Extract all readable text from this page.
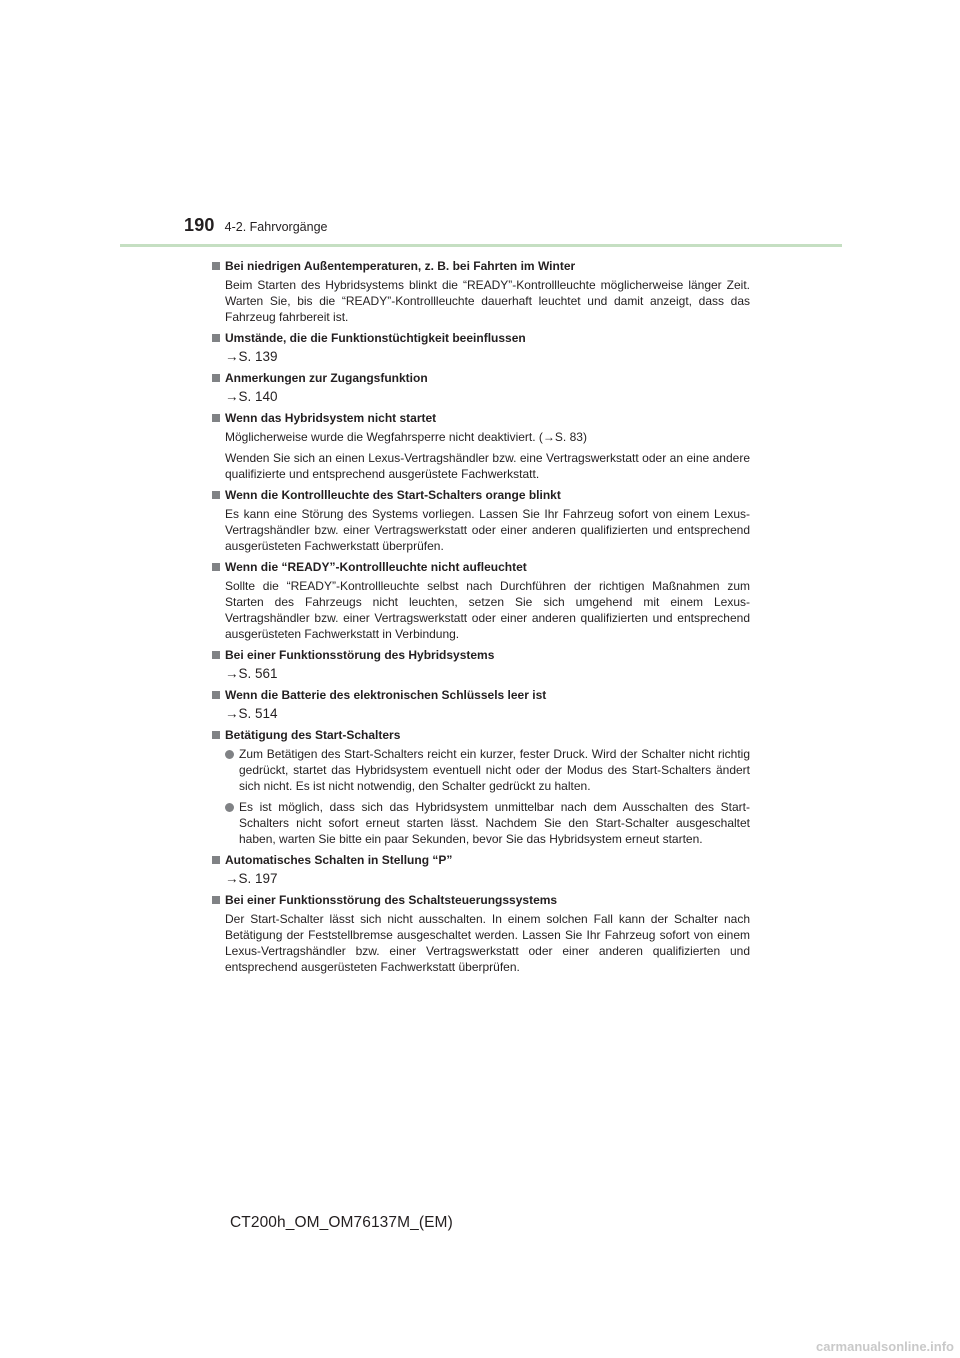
190 4-2. Fahrvorgänge
Bei niedrigen Außentemperaturen, z. B. bei Fahrten im Winter

Beim Starten des Hybridsystems blinkt die “READY”-Kontrollleuchte möglicherweise länger Zeit. Warten Sie, bis die “READY”-Kontrollleuchte dauerhaft leuchtet und damit anzeigt, dass das Fahrzeug fahrbereit ist.

Umstände, die die Funktionstüchtigkeit beeinflussen
→S. 139
Anmerkungen zur Zugangsfunktion
→S. 140
Wenn das Hybridsystem nicht startet

Möglicherweise wurde die Wegfahrsperre nicht deaktiviert. (→S. 83)

Wenden Sie sich an einen Lexus-Vertragshändler bzw. eine Vertragswerkstatt oder an eine andere qualifizierte und entsprechend ausgerüstete Fachwerkstatt.

Wenn die Kontrollleuchte des Start-Schalters orange blinkt

Es kann eine Störung des Systems vorliegen. Lassen Sie Ihr Fahrzeug sofort von einem Lexus-Vertragshändler bzw. einer Vertragswerkstatt oder einer anderen qualifizierten und entsprechend ausgerüsteten Fachwerkstatt überprüfen.

Wenn die “READY”-Kontrollleuchte nicht aufleuchtet

Sollte die “READY”-Kontrollleuchte selbst nach Durchführen der richtigen Maßnahmen zum Starten des Fahrzeugs nicht leuchten, setzen Sie sich umgehend mit einem Lexus-Vertragshändler bzw. einer Vertragswerkstatt oder einer anderen qualifizierten und entsprechend ausgerüsteten Fachwerkstatt in Verbindung.

Bei einer Funktionsstörung des Hybridsystems
→S. 561
Wenn die Batterie des elektronischen Schlüssels leer ist
→S. 514
Betätigung des Start-Schalters
Zum Betätigen des Start-Schalters reicht ein kurzer, fester Druck. Wird der Schalter nicht richtig gedrückt, startet das Hybridsystem eventuell nicht oder der Modus des Start-Schalters ändert sich nicht. Es ist nicht notwendig, den Schalter gedrückt zu halten.
Es ist möglich, dass sich das Hybridsystem unmittelbar nach dem Ausschalten des Start-Schalters nicht sofort erneut starten lässt. Nachdem Sie den Start-Schalter ausgeschaltet haben, warten Sie bitte ein paar Sekunden, bevor Sie das Hybridsystem erneut starten.
Automatisches Schalten in Stellung “P”
→S. 197
Bei einer Funktionsstörung des Schaltsteuerungssystems

Der Start-Schalter lässt sich nicht ausschalten. In einem solchen Fall kann der Schalter nach Betätigung der Feststellbremse ausgeschaltet werden. Lassen Sie Ihr Fahrzeug sofort von einem Lexus-Vertragshändler bzw. einer Vertragswerkstatt oder einer anderen qualifizierten und entsprechend ausgerüsteten Fachwerkstatt überprüfen.

CT200h_OM_OM76137M_(EM)
carmanualsonline.info
